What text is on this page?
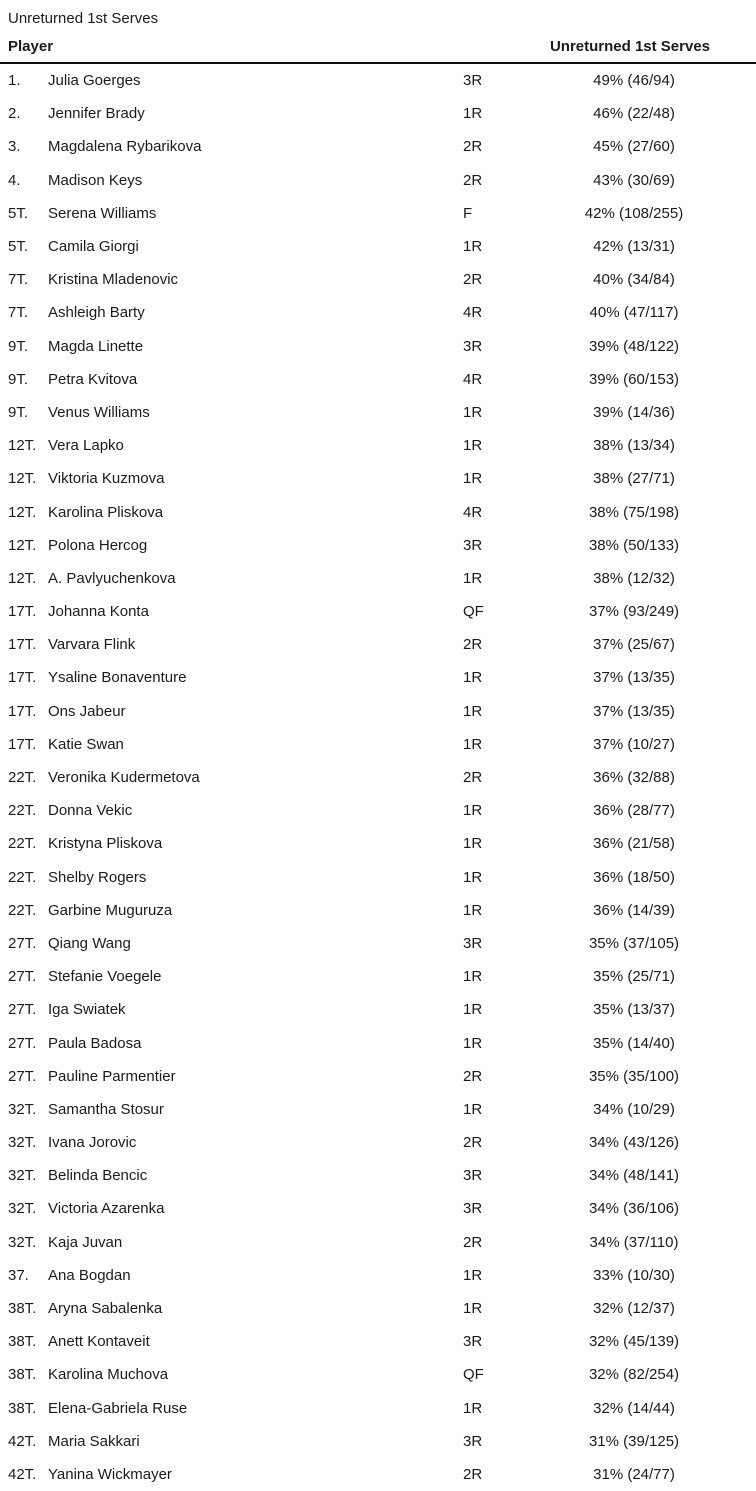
Unreturned 1st Serves
Player	Unreturned 1st Serves
1.	Julia Goerges	3R	49% (46/94)
2.	Jennifer Brady	1R	46% (22/48)
3.	Magdalena Rybarikova	2R	45% (27/60)
4.	Madison Keys	2R	43% (30/69)
5T.	Serena Williams	F	42% (108/255)
5T.	Camila Giorgi	1R	42% (13/31)
7T.	Kristina Mladenovic	2R	40% (34/84)
7T.	Ashleigh Barty	4R	40% (47/117)
9T.	Magda Linette	3R	39% (48/122)
9T.	Petra Kvitova	4R	39% (60/153)
9T.	Venus Williams	1R	39% (14/36)
12T. Vera Lapko	1R	38% (13/34)
12T. Viktoria Kuzmova	1R	38% (27/71)
12T. Karolina Pliskova	4R	38% (75/198)
12T. Polona Hercog	3R	38% (50/133)
12T. A. Pavlyuchenkova	1R	38% (12/32)
17T. Johanna Konta	QF	37% (93/249)
17T. Varvara Flink	2R	37% (25/67)
17T. Ysaline Bonaventure	1R	37% (13/35)
17T. Ons Jabeur	1R	37% (13/35)
17T. Katie Swan	1R	37% (10/27)
22T. Veronika Kudermetova	2R	36% (32/88)
22T. Donna Vekic	1R	36% (28/77)
22T. Kristyna Pliskova	1R	36% (21/58)
22T. Shelby Rogers	1R	36% (18/50)
22T. Garbine Muguruza	1R	36% (14/39)
27T. Qiang Wang	3R	35% (37/105)
27T. Stefanie Voegele	1R	35% (25/71)
27T. Iga Swiatek	1R	35% (13/37)
27T. Paula Badosa	1R	35% (14/40)
27T. Pauline Parmentier	2R	35% (35/100)
32T. Samantha Stosur	1R	34% (10/29)
32T. Ivana Jorovic	2R	34% (43/126)
32T. Belinda Bencic	3R	34% (48/141)
32T. Victoria Azarenka	3R	34% (36/106)
32T. Kaja Juvan	2R	34% (37/110)
37.	Ana Bogdan	1R	33% (10/30)
38T. Aryna Sabalenka	1R	32% (12/37)
38T. Anett Kontaveit	3R	32% (45/139)
38T. Karolina Muchova	QF	32% (82/254)
38T. Elena-Gabriela Ruse	1R	32% (14/44)
42T. Maria Sakkari	3R	31% (39/125)
42T. Yanina Wickmayer	2R	31% (24/77)
